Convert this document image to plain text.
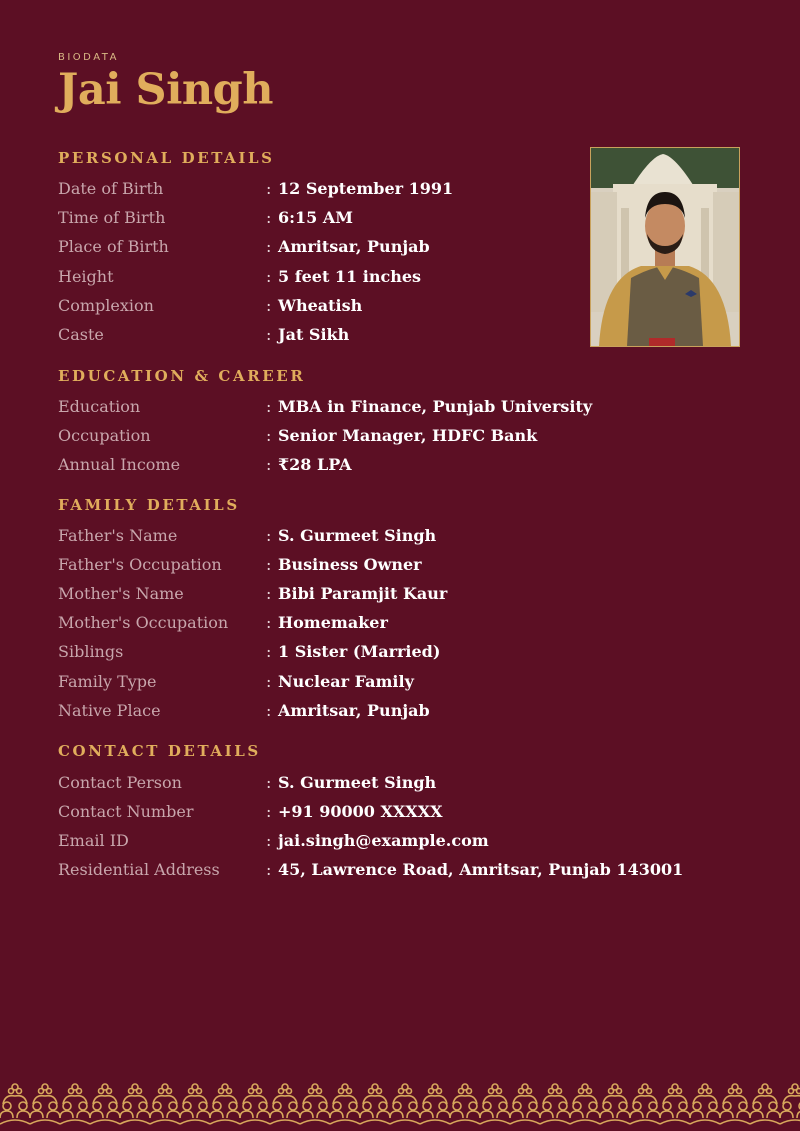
BIODATA
Jai Singh
PERSONAL DETAILS
EDUCATION & CAREER
FAMILY DETAILS
CONTACT DETAILS
Date of Birth	: 12 September 1991
Time of Birth	: 6:15 AM
Place of Birth	: Amritsar, Punjab
Height	: 5 feet 11 inches
Complexion	: Wheatish
Caste	: Jat Sikh
Education	: MBA in Finance, Punjab University
Occupation	: Senior Manager, HDFC Bank
Annual Income	: ₹28 LPA
Father's Name	: S. Gurmeet Singh
Father's Occupation	: Business Owner
Mother's Name	: Bibi Paramjit Kaur
Mother's Occupation : Homemaker
Siblings	: 1 Sister (Married)
Family Type	: Nuclear Family
Native Place	: Amritsar, Punjab
Contact Person	: S. Gurmeet Singh
Contact Number	: +91 90000 XXXXX
Email ID	: jai.singh@example.com
Residential Address	: 45, Lawrence Road, Amritsar, Punjab 143001
